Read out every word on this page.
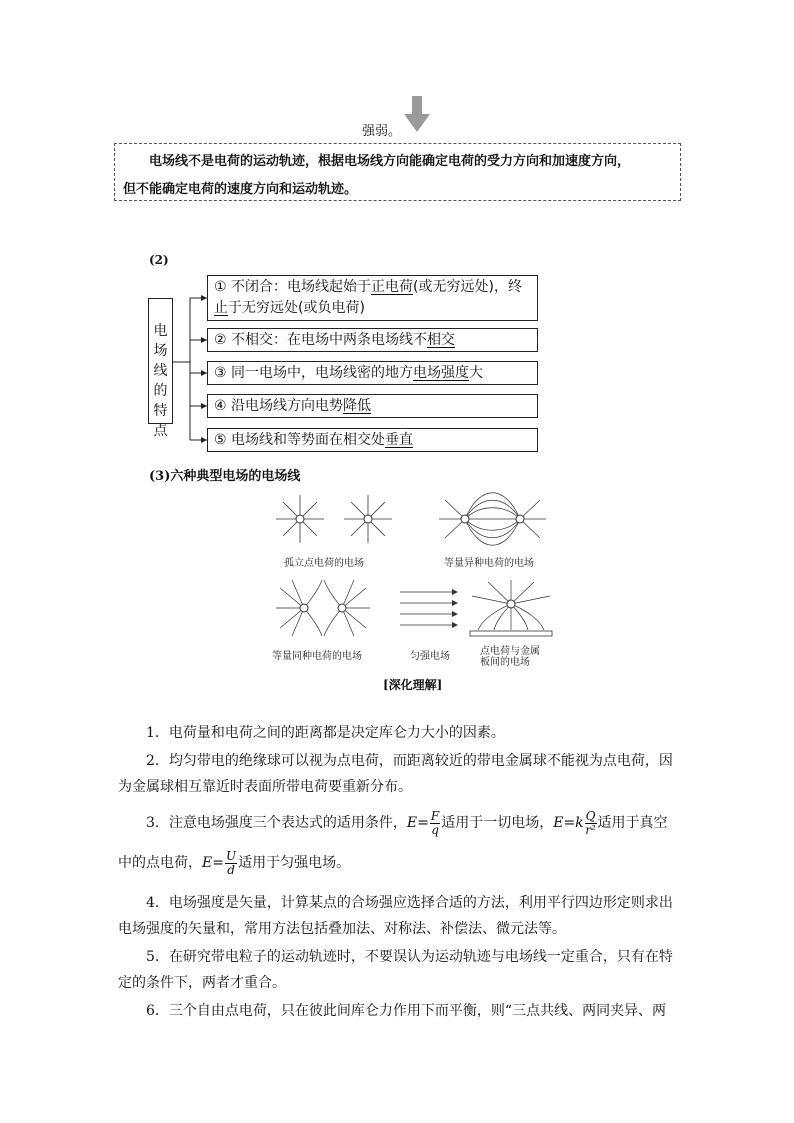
强弱。
电场线不是电荷的运动轨迹，根据电场线方向能确定电荷的受力方向和加速度方向，
但不能确定电荷的速度方向和运动轨迹。
(2)
电
场
线
的
特
点
① 不闭合：电场线起始于正电荷(或无穷远处)，终止于无穷远处(或负电荷)
② 不相交：在电场中两条电场线不相交
③ 同一电场中，电场线密的地方电场强度大
④ 沿电场线方向电势降低
⑤ 电场线和等势面在相交处垂直
(3)六种典型电场的电场线
孤立点电荷的电场	等量异种电荷的电场
等量同种电荷的电场	匀强电场	点电荷与金属
板间的电场
[深化理解]
1．电荷量和电荷之间的距离都是决定库仑力大小的因素。
2．均匀带电的绝缘球可以视为点电荷，而距离较近的带电金属球不能视为点电荷，因
为金属球相互靠近时表面所带电荷要重新分布。
3．注意电场强度三个表达式的适用条件，$E= \frac{F}{q}$ 适用于一切电场，$E=k \frac{Q}{\text{r²}}$ 适用于真空
中的点电荷，$E= \frac{U}{d}$ 适用于匀强电场。
4．电场强度是矢量，计算某点的合场强应选择合适的方法，利用平行四边形定则求出
电场强度的矢量和，常用方法包括叠加法、对称法、补偿法、微元法等。
5．在研究带电粒子的运动轨迹时，不要误认为运动轨迹与电场线一定重合，只有在特
定的条件下，两者才重合。
6．三个自由点电荷，只在彼此间库仑力作用下而平衡，则“三点共线、两同夹异、两
